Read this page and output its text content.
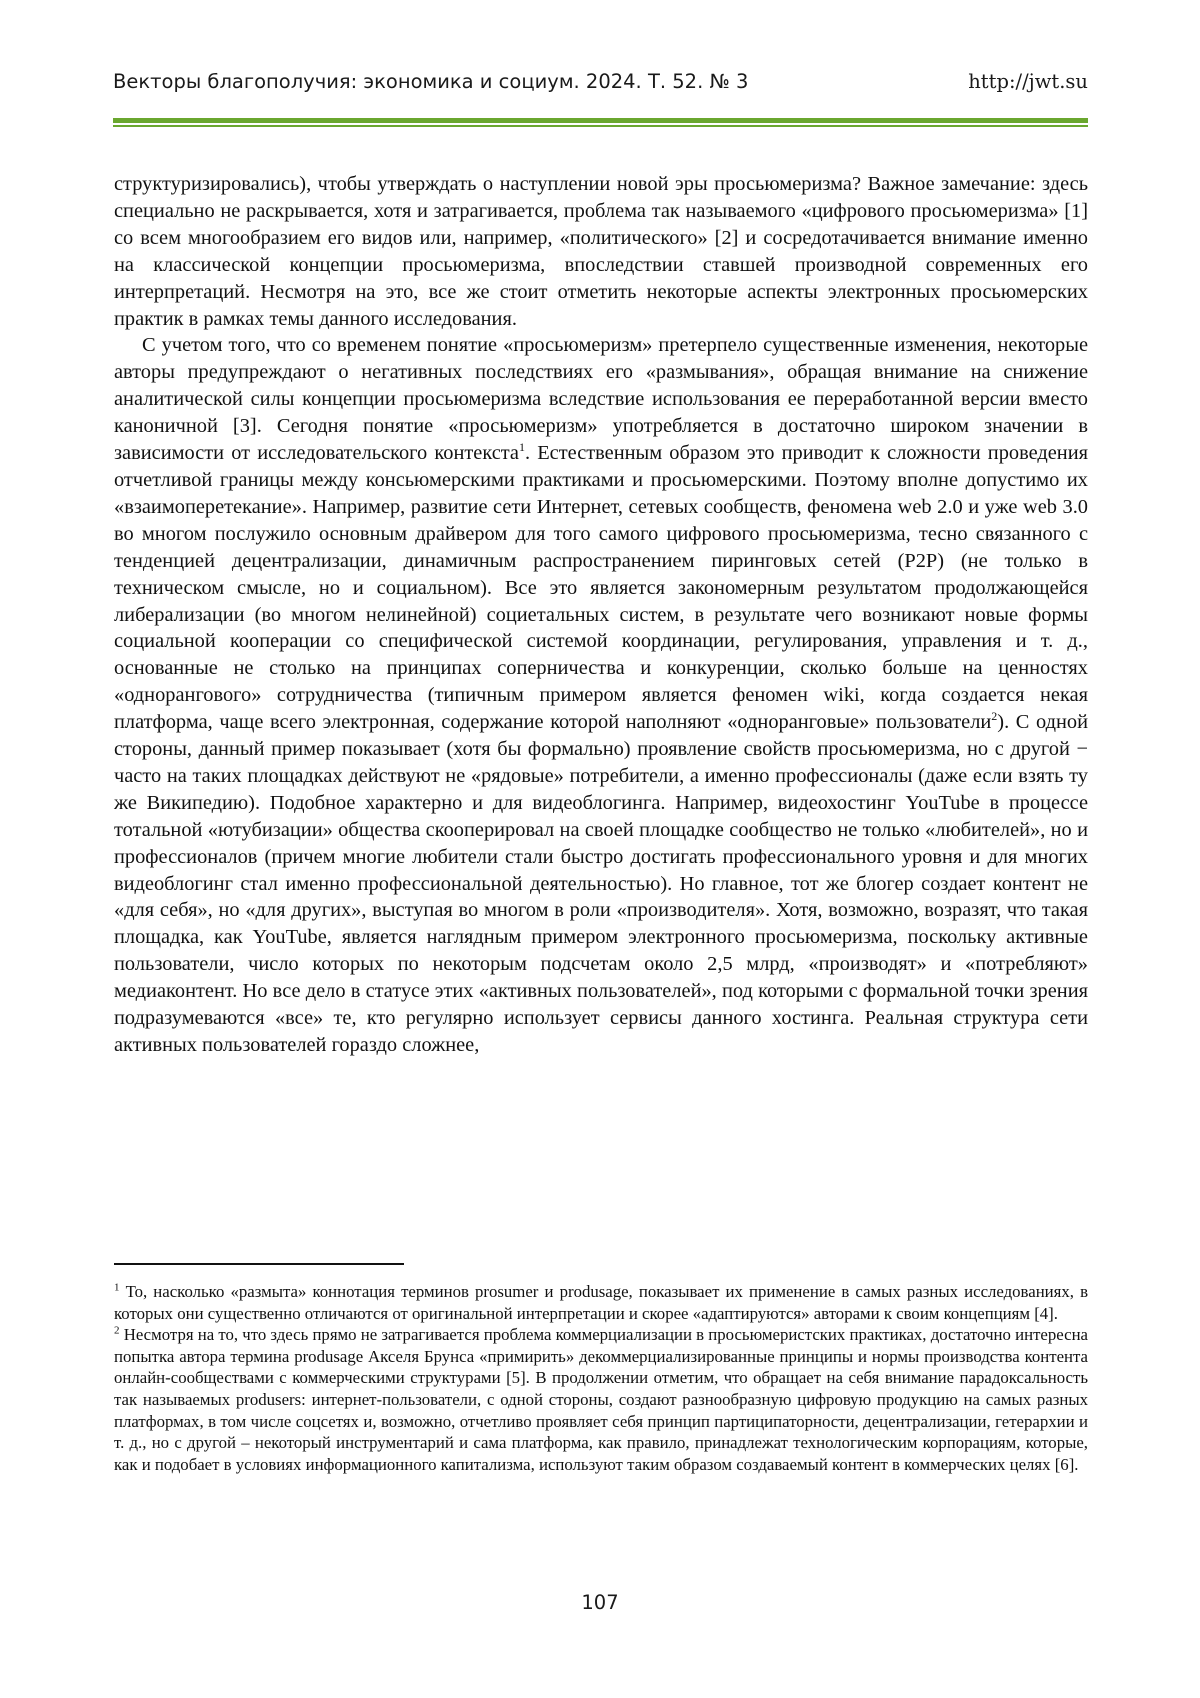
Векторы благополучия: экономика и социум. 2024. Т. 52. № 3	http://jwt.su

структуризировались), чтобы утверждать о наступлении новой эры просьюмеризма? Важное замечание: здесь специально не раскрывается, хотя и затрагивается, проблема так называемого «цифрового просьюмеризма» [1] со всем многообразием его видов или, например, «политического» [2] и сосредотачивается внимание именно на классической концепции просьюмеризма, впоследствии ставшей производной современных его интерпретаций. Несмотря на это, все же стоит отметить некоторые аспекты электронных просьюмерских практик в рамках темы данного исследования.

С учетом того, что со временем понятие «просьюмеризм» претерпело существенные изменения, некоторые авторы предупреждают о негативных последствиях его «размывания», обращая внимание на снижение аналитической силы концепции просьюмеризма вследствие использования ее переработанной версии вместо каноничной [3]. Сегодня понятие «просьюмеризм» употребляется в достаточно широком значении в зависимости от исследовательского контекста$^1$. Естественным образом это приводит к сложности проведения отчетливой границы между консьюмерскими практиками и просьюмерскими. Поэтому вполне допустимо их «взаимоперетекание». Например, развитие сети Интернет, сетевых сообществ, феномена web 2.0 и уже web 3.0 во многом послужило основным драйвером для того самого цифрового просьюмеризма, тесно связанного с тенденцией децентрализации, динамичным распространением пиринговых сетей (P2P) (не только в техническом смысле, но и социальном). Все это является закономерным результатом продолжающейся либерализации (во многом нелинейной) социетальных систем, в результате чего возникают новые формы социальной кооперации со специфической системой координации, регулирования, управления и т. д., основанные не столько на принципах соперничества и конкуренции, сколько больше на ценностях «однорангового» сотрудничества (типичным примером является феномен wiki, когда создается некая платформа, чаще всего электронная, содержание которой наполняют «одноранговые» пользователи$^2$). С одной стороны, данный пример показывает (хотя бы формально) проявление свойств просьюмеризма, но с другой − часто на таких площадках действуют не «рядовые» потребители, а именно профессионалы (даже если взять ту же Википедию). Подобное характерно и для видеоблогинга. Например, видеохостинг YouTube в процессе тотальной «ютубизации» общества скооперировал на своей площадке сообщество не только «любителей», но и профессионалов (причем многие любители стали быстро достигать профессионального уровня и для многих видеоблогинг стал именно профессиональной деятельностью). Но главное, тот же блогер создает контент не «для себя», но «для других», выступая во многом в роли «производителя». Хотя, возможно, возразят, что такая площадка, как YouTube, является наглядным примером электронного просьюмеризма, поскольку активные пользователи, число которых по некоторым подсчетам около 2,5 млрд, «производят» и «потребляют» медиаконтент. Но все дело в статусе этих «активных пользователей», под которыми с формальной точки зрения подразумеваются «все» те, кто регулярно использует сервисы данного хостинга. Реальная структура сети активных пользователей гораздо сложнее,

$^1$ То, насколько «размыта» коннотация терминов prosumer и produsage, показывает их применение в самых разных исследованиях, в которых они существенно отличаются от оригинальной интерпретации и скорее «адаптируются» авторами к своим концепциям [4].

$^2$ Несмотря на то, что здесь прямо не затрагивается проблема коммерциализации в просьюмеристских практиках, достаточно интересна попытка автора термина produsage Акселя Брунса «примирить» декоммерциализированные принципы и нормы производства контента онлайн-сообществами с коммерческими структурами [5]. В продолжении отметим, что обращает на себя внимание парадоксальность так называемых produsers: интернет-пользователи, с одной стороны, создают разнообразную цифровую продукцию на самых разных платформах, в том числе соцсетях и, возможно, отчетливо проявляет себя принцип партиципаторности, децентрализации, гетерархии и т. д., но с другой – некоторый инструментарий и сама платформа, как правило, принадлежат технологическим корпорациям, которые, как и подобает в условиях информационного капитализма, используют таким образом создаваемый контент в коммерческих целях [6].

107
